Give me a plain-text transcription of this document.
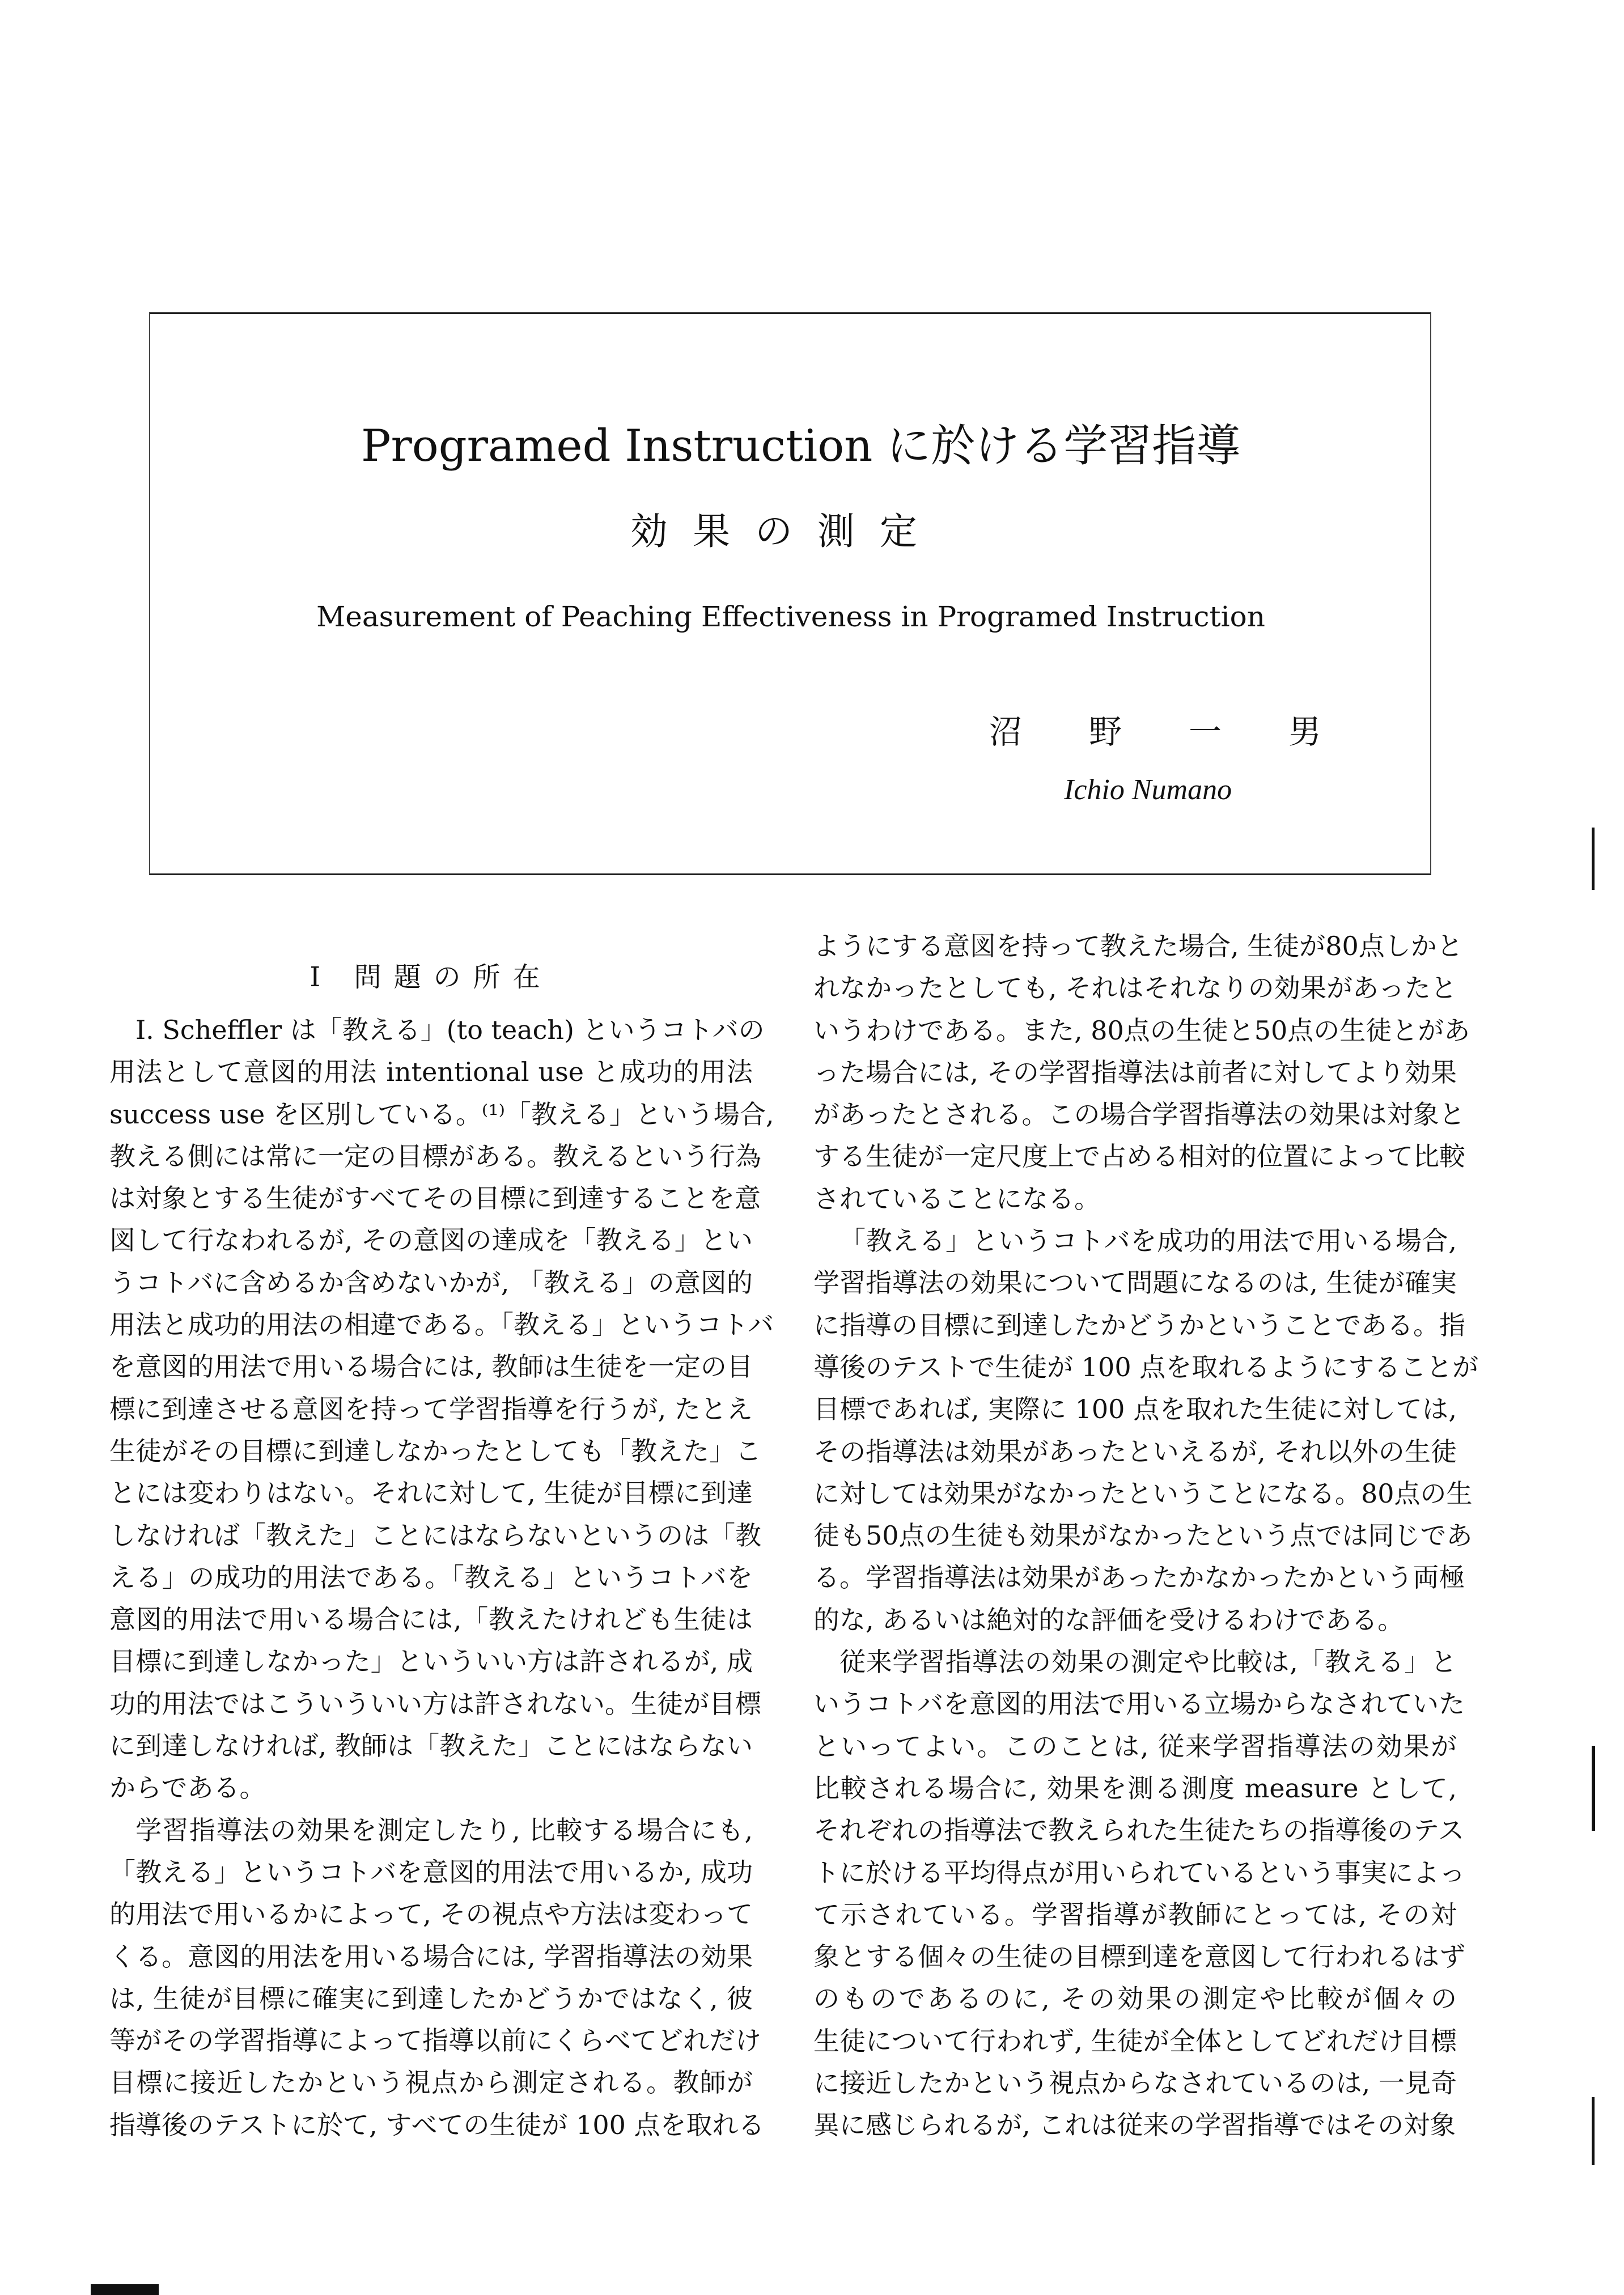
Programed Instruction に於ける学習指導
効果の測定
Measurement of Peaching Effectiveness in Programed Instruction
沼野一男
Ichio Numano
I 問題の所在
I. Scheffler は「教える」(to teach) というコトバの
用法として意図的用法 intentional use と成功的用法
success use を区別している。⁽¹⁾「教える」という場合,
教える側には常に一定の目標がある。教えるという行為
は対象とする生徒がすべてその目標に到達することを意
図して行なわれるが, その意図の達成を「教える」とい
うコトバに含めるか含めないかが, 「教える」の意図的
用法と成功的用法の相違である。「教える」というコトバ
を意図的用法で用いる場合には, 教師は生徒を一定の目
標に到達させる意図を持って学習指導を行うが, たとえ
生徒がその目標に到達しなかったとしても「教えた」こ
とには変わりはない。それに対して, 生徒が目標に到達
しなければ「教えた」ことにはならないというのは「教
える」の成功的用法である。「教える」というコトバを
意図的用法で用いる場合には,「教えたけれども生徒は
目標に到達しなかった」といういい方は許されるが, 成
功的用法ではこういういい方は許されない。生徒が目標
に到達しなければ, 教師は「教えた」ことにはならない
からである。
学習指導法の効果を測定したり, 比較する場合にも,
「教える」というコトバを意図的用法で用いるか, 成功
的用法で用いるかによって, その視点や方法は変わって
くる。意図的用法を用いる場合には, 学習指導法の効果
は, 生徒が目標に確実に到達したかどうかではなく, 彼
等がその学習指導によって指導以前にくらべてどれだけ
目標に接近したかという視点から測定される。教師が
指導後のテストに於て, すべての生徒が 100 点を取れる
ようにする意図を持って教えた場合, 生徒が80点しかと
れなかったとしても, それはそれなりの効果があったと
いうわけである。また, 80点の生徒と50点の生徒とがあ
った場合には, その学習指導法は前者に対してより効果
があったとされる。この場合学習指導法の効果は対象と
する生徒が一定尺度上で占める相対的位置によって比較
されていることになる。
「教える」というコトバを成功的用法で用いる場合,
学習指導法の効果について問題になるのは, 生徒が確実
に指導の目標に到達したかどうかということである。指
導後のテストで生徒が 100 点を取れるようにすることが
目標であれば, 実際に 100 点を取れた生徒に対しては,
その指導法は効果があったといえるが, それ以外の生徒
に対しては効果がなかったということになる。80点の生
徒も50点の生徒も効果がなかったという点では同じであ
る。学習指導法は効果があったかなかったかという両極
的な, あるいは絶対的な評価を受けるわけである。
従来学習指導法の効果の測定や比較は,「教える」と
いうコトバを意図的用法で用いる立場からなされていた
といってよい。このことは, 従来学習指導法の効果が
比較される場合に, 効果を測る測度 measure として,
それぞれの指導法で教えられた生徒たちの指導後のテス
トに於ける平均得点が用いられているという事実によっ
て示されている。学習指導が教師にとっては, その対
象とする個々の生徒の目標到達を意図して行われるはず
のものであるのに, その効果の測定や比較が個々の
生徒について行われず, 生徒が全体としてどれだけ目標
に接近したかという視点からなされているのは, 一見奇
異に感じられるが, これは従来の学習指導ではその対象
